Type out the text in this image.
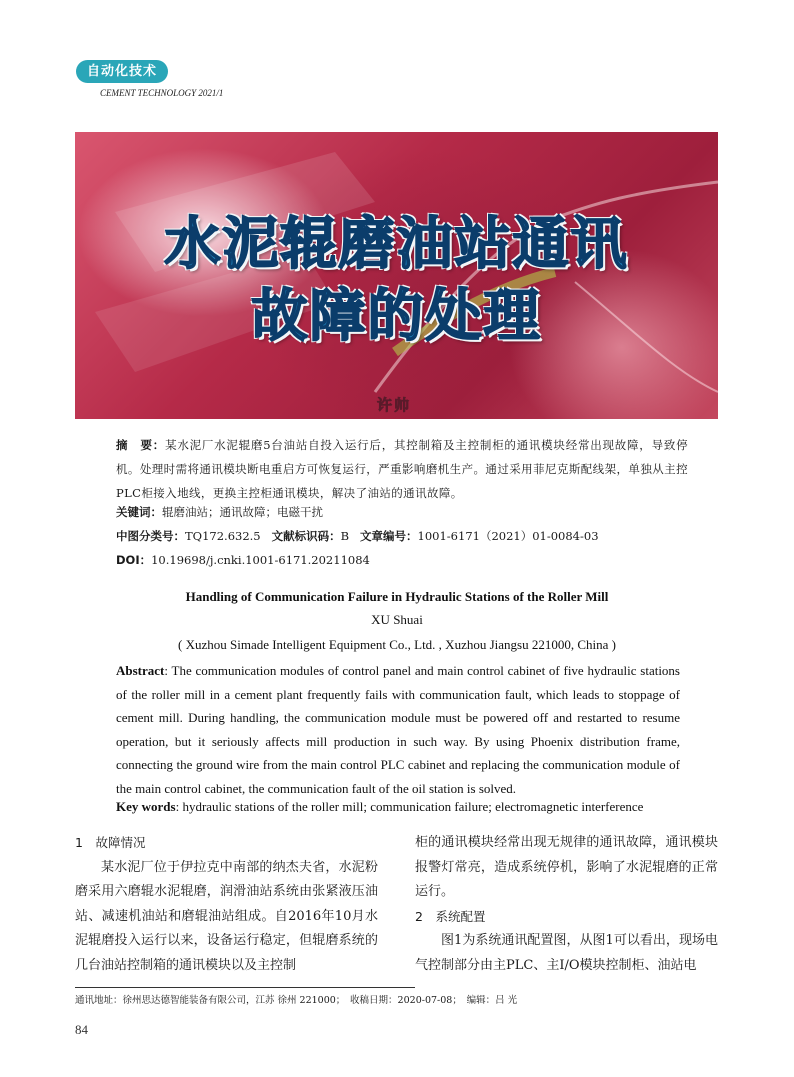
自动化技术
CEMENT TECHNOLOGY 2021/1
水泥辊磨油站通讯
故障的处理
许帅
摘　要：某水泥厂水泥辊磨5台油站自投入运行后，其控制箱及主控制柜的通讯模块经常出现故障，导致停机。处理时需将通讯模块断电重启方可恢复运行，严重影响磨机生产。通过采用菲尼克斯配线架，单独从主控PLC柜接入地线，更换主控柜通讯模块，解决了油站的通讯故障。
关键词：辊磨油站；通讯故障；电磁干扰
中图分类号：TQ172.632.5 文献标识码：B 文章编号：1001-6171（2021）01-0084-03
DOI：10.19698/j.cnki.1001-6171.20211084
Handling of Communication Failure in Hydraulic Stations of the Roller Mill
XU Shuai
( Xuzhou Simade Intelligent Equipment Co., Ltd. , Xuzhou Jiangsu 221000, China )
Abstract: The communication modules of control panel and main control cabinet of five hydraulic stations of the roller mill in a cement plant frequently fails with communication fault, which leads to stoppage of cement mill. During handling, the communication module must be powered off and restarted to resume operation, but it seriously affects mill production in such way. By using Phoenix distribution frame, connecting the ground wire from the main control PLC cabinet and replacing the communication module of the main control cabinet, the communication fault of the oil station is solved.
Key words: hydraulic stations of the roller mill; communication failure; electromagnetic interference
1　故障情况

某水泥厂位于伊拉克中南部的纳杰夫省，水泥粉磨采用六磨辊水泥辊磨，润滑油站系统由张紧液压油站、减速机油站和磨辊油站组成。自2016年10月水泥辊磨投入运行以来，设备运行稳定，但辊磨系统的几台油站控制箱的通讯模块以及主控制

柜的通讯模块经常出现无规律的通讯故障，通讯模块报警灯常亮，造成系统停机，影响了水泥辊磨的正常运行。

2　系统配置

图1为系统通讯配置图，从图1可以看出，现场电气控制部分由主PLC、主I/O模块控制柜、油站电

通讯地址：徐州思达德智能装备有限公司，江苏 徐州 221000；　收稿日期：2020-07-08；　编辑：吕 光
84
